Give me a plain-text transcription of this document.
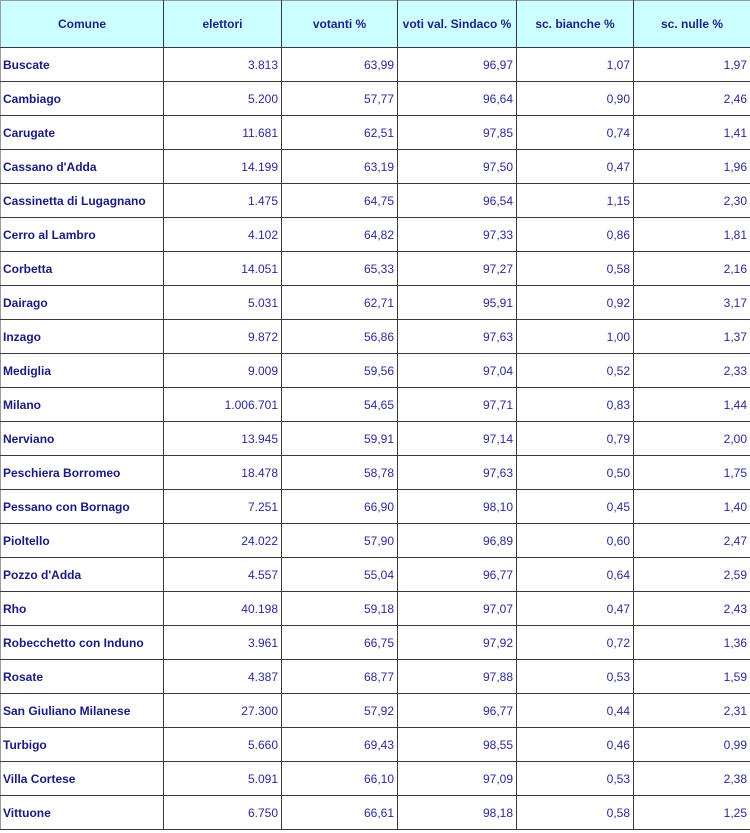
Comune	elettori	votanti %	voti val. Sindaco %	sc. bianche %	sc. nulle %
Buscate	3.813	63,99	96,97	1,07	1,97
Cambiago	5.200	57,77	96,64	0,90	2,46
Carugate	11.681	62,51	97,85	0,74	1,41
Cassano d'Adda	14.199	63,19	97,50	0,47	1,96
Cassinetta di Lugagnano	1.475	64,75	96,54	1,15	2,30
Cerro al Lambro	4.102	64,82	97,33	0,86	1,81
Corbetta	14.051	65,33	97,27	0,58	2,16
Dairago	5.031	62,71	95,91	0,92	3,17
Inzago	9.872	56,86	97,63	1,00	1,37
Mediglia	9.009	59,56	97,04	0,52	2,33
Milano	1.006.701	54,65	97,71	0,83	1,44
Nerviano	13.945	59,91	97,14	0,79	2,00
Peschiera Borromeo	18.478	58,78	97,63	0,50	1,75
Pessano con Bornago	7.251	66,90	98,10	0,45	1,40
Pioltello	24.022	57,90	96,89	0,60	2,47
Pozzo d'Adda	4.557	55,04	96,77	0,64	2,59
Rho	40.198	59,18	97,07	0,47	2,43
Robecchetto con Induno	3.961	66,75	97,92	0,72	1,36
Rosate	4.387	68,77	97,88	0,53	1,59
San Giuliano Milanese	27.300	57,92	96,77	0,44	2,31
Turbigo	5.660	69,43	98,55	0,46	0,99
Villa Cortese	5.091	66,10	97,09	0,53	2,38
Vittuone	6.750	66,61	98,18	0,58	1,25
